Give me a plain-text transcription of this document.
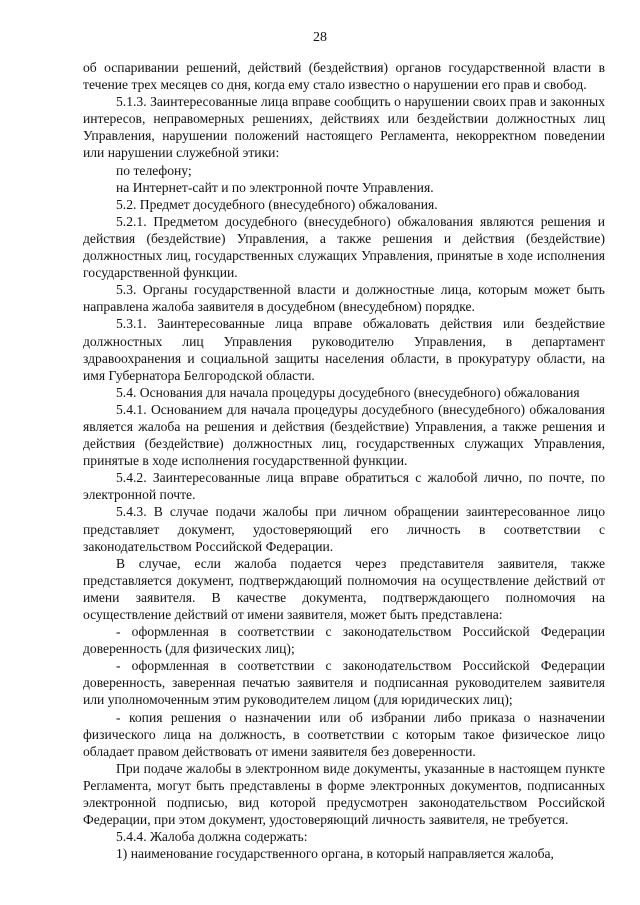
28

об оспаривании решений, действий (бездействия) органов государственной власти в течение трех месяцев со дня, когда ему стало известно о нарушении его прав и свобод.

5.1.3. Заинтересованные лица вправе сообщить о нарушении своих прав и законных интересов, неправомерных решениях, действиях или бездействии должностных лиц Управления, нарушении положений настоящего Регламента, некорректном поведении или нарушении служебной этики:

по телефону;

на Интернет-сайт и по электронной почте Управления.

5.2. Предмет досудебного (внесудебного) обжалования.

5.2.1. Предметом досудебного (внесудебного) обжалования являются решения и действия (бездействие) Управления, а также решения и действия (бездействие) должностных лиц, государственных служащих Управления, принятые в ходе исполнения государственной функции.

5.3. Органы государственной власти и должностные лица, которым может быть направлена жалоба заявителя в досудебном (внесудебном) порядке.

5.3.1. Заинтересованные лица вправе обжаловать действия или бездействие должностных лиц Управления руководителю Управления, в департамент здравоохранения и социальной защиты населения области, в прокуратуру области, на имя Губернатора Белгородской области.

5.4. Основания для начала процедуры досудебного (внесудебного) обжалования

5.4.1. Основанием для начала процедуры досудебного (внесудебного) обжалования является жалоба на решения и действия (бездействие) Управления, а также решения и действия (бездействие) должностных лиц, государственных служащих Управления, принятые в ходе исполнения государственной функции.

5.4.2. Заинтересованные лица вправе обратиться с жалобой лично, по почте, по электронной почте.

5.4.3. В случае подачи жалобы при личном обращении заинтересованное лицо представляет документ, удостоверяющий его личность в соответствии с законодательством Российской Федерации.

В случае, если жалоба подается через представителя заявителя, также представляется документ, подтверждающий полномочия на осуществление действий от имени заявителя. В качестве документа, подтверждающего полномочия на осуществление действий от имени заявителя, может быть представлена:

- оформленная в соответствии с законодательством Российской Федерации доверенность (для физических лиц);

- оформленная в соответствии с законодательством Российской Федерации доверенность, заверенная печатью заявителя и подписанная руководителем заявителя или уполномоченным этим руководителем лицом (для юридических лиц);

- копия решения о назначении или об избрании либо приказа о назначении физического лица на должность, в соответствии с которым такое физическое лицо обладает правом действовать от имени заявителя без доверенности.

При подаче жалобы в электронном виде документы, указанные в настоящем пункте Регламента, могут быть представлены в форме электронных документов, подписанных электронной подписью, вид которой предусмотрен законодательством Российской Федерации, при этом документ, удостоверяющий личность заявителя, не требуется.

5.4.4. Жалоба должна содержать:

1) наименование государственного органа, в который направляется жалоба,
